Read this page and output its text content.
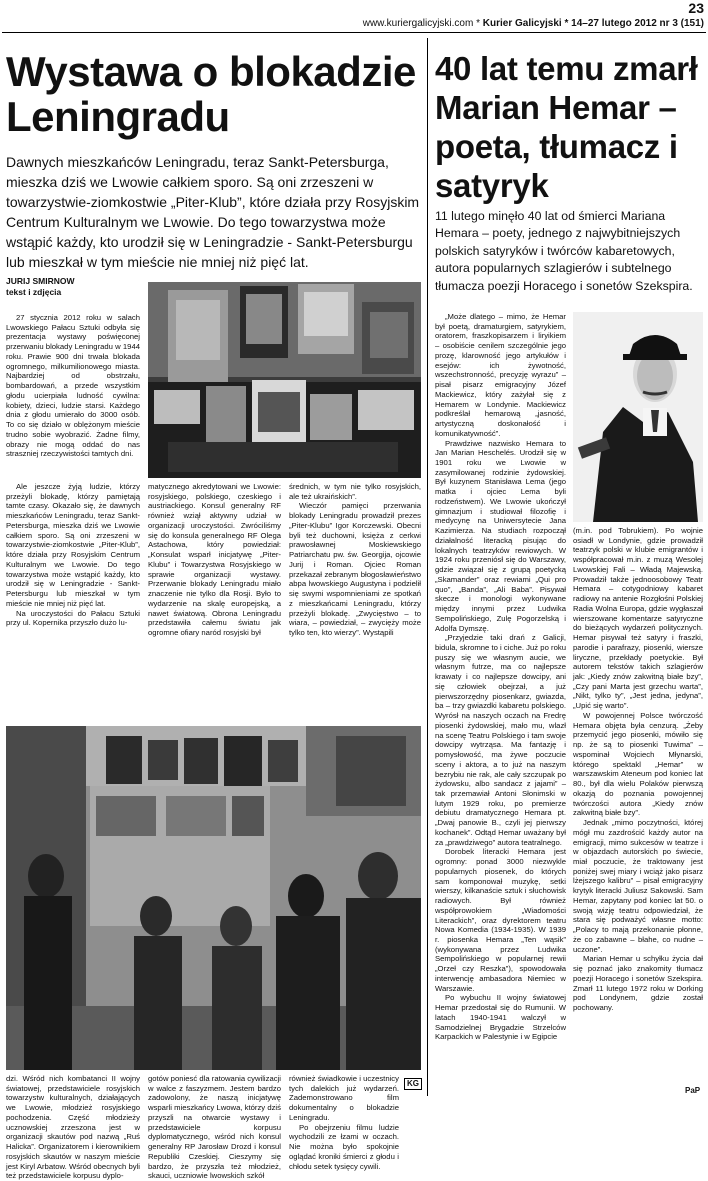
23
www.kuriergalicyjski.com * Kurier Galicyjski * 14–27 lutego 2012 nr 3 (151)
Wystawa o blokadzie Leningradu
Dawnych mieszkańców Leningradu, teraz Sankt-Petersburga, mieszka dziś we Lwowie całkiem sporo. Są oni zrzeszeni w towarzystwie-ziomkostwie „Piter-Klub”, które działa przy Rosyjskim Centrum Kulturalnym we Lwowie. Do tego towarzystwa może wstąpić każdy, kto urodził się w Leningradzie - Sankt-Petersburgu lub mieszkał w tym mieście nie mniej niż pięć lat.
JURIJ SMIRNOW
tekst i zdjęcia

27 stycznia 2012 roku w salach Lwowskiego Pałacu Sztuki odbyła się prezentacja wystawy poświęconej przerwaniu blokady Leningradu w 1944 roku. Prawie 900 dni trwała blokada ogromnego, milkumilionowego miasta. Najbardziej od obstrzału, bombardowań, a przede wszystkim głodu ucierpiała ludność cywilna: kobiety, dzieci, ludzie starsi. Każdego dnia z głodu umierało do 3000 osób. To co się działo w oblężonym mieście trudno sobie wyobrazić. Żadne filmy, obrazy nie mogą oddać do nas straszniej rzeczywistości tamtych dni.

Ale jeszcze żyją ludzie, którzy przeżyli blokadę, którzy pamiętają tamte czasy. Okazało się, że dawnych mieszkańców Leningradu, teraz Sankt-Petersburga, mieszka dziś we Lwowie całkiem sporo. Są oni zrzeszeni w towarzystwie-ziomkostwie „Piter-Klub”, które działa przy Rosyjskim Centrum Kulturalnym we Lwowie. Do tego towarzystwa może wstąpić każdy, kto urodził się w Leningradzie - Sankt-Petersburgu lub mieszkał w tym mieście nie mniej niż pięć lat.

Na uroczystości do Pałacu Sztuki przy ul. Kopernika przyszło dużo lu-

matycznego akredytowani we Lwowie: rosyjskiego, polskiego, czeskiego i austriackiego. Konsul generalny RF również wziął aktywny udział w organizacji uroczystości. Zwróciliśmy się do konsula generalnego RF Olega Astachowa, który powiedział: „Konsulat wsparł inicjatywę „Piter-Klubu” i Towarzystwa Rosyjskiego w sprawie organizacji wystawy. Przerwanie blokady Leningradu miało znaczenie nie tylko dla Rosji. Było to wydarzenie na skalę europejską, a nawet światową. Obrona Leningradu przedstawiła całemu światu jak ogromne ofiary naród rosyjski był

średnich, w tym nie tylko rosyjskich, ale też ukraińskich”.

Wieczór pamięci przerwania blokady Leningradu prowadził prezes „Piter-Klubu” Igor Korczewski. Obecni byli też duchowni, księża z cerkwi prawosławnej Moskiewskiego Patriarchatu pw. św. Georgija, ojcowie Jurij i Roman. Ojciec Roman przekazał zebranym błogosławieństwo abpa lwowskiego Augustyna i podzielił się swymi wspomnieniami ze spotkań z mieszkańcami Leningradu, którzy przeżyli blokadę. „Zwycięstwo – to wiara, – powiedział, – zwycięży może tylko ten, kto wierzy”. Wystąpili

dzi. Wśród nich kombatanci II wojny światowej, przedstawiciele rosyjskich towarzystw kulturalnych, działających we Lwowie, młodzież rosyjskiego pochodzenia. Część młodzieży ucznowskiej zrzeszona jest w organizacji skautów pod nazwą „Ruś Halicka”. Organizatorem i kierownikiem rosyjskich skautów w naszym mieście jest Kiryl Arbatow. Wśród obecnych byli też przedstawiciele korpusu dyplo-

gotów poniesć dla ratowania cywilizacji w walce z faszyzmem. Jestem bardzo zadowolony, że naszą inicjatywę wsparli mieszkańcy Lwowa, którzy dziś przyszli na otwarcie wystawy i przedstawiciele korpusu dyplomatycznego, wśród nich konsul generalny RP Jarosław Drozd i konsul Republiki Czeskiej. Cieszymy się bardzo, że przyszła też młodzież, skauci, uczniowie lwowskich szkół

również świadkowie i uczestnicy tych dalekich już wydarzeń. Zademonstrowano film dokumentalny o blokadzie Leningradu.

Po obejrzeniu filmu ludzie wychodzili ze łzami w oczach. Nie można było spokojnie oglądać kroniki śmierci z głodu i chłodu setek tysięcy cywili.

KG
40 lat temu zmarł Marian Hemar – poeta, tłumacz i satyryk
11 lutego minęło 40 lat od śmierci Mariana Hemara – poety, jednego z najwybitniejszych polskich satyryków i twórców kabaretowych, autora popularnych szlagierów i subtelnego tłumacza poezji Horacego i sonetów Szekspira.

„Może dlatego – mimo, że Hemar był poetą, dramaturgiem, satyrykiem, oratorem, fraszkopisarzem i liryikiem – osobiście cenilem szczególnie jego prozę, klarowność jego artykułów i esejów: ich żywotność, wszechstronność, precyzję wyrazu” – pisał pisarz emigracyjny Józef Mackiewicz, który zażyłał się z Hemarem w Londynie. Mackiewicz podkreślał hemarową „jasność, artystyczną doskonałość i komunikatywność”.

Prawdziwe nazwisko Hemara to Jan Marian Heschelés. Urodził się w 1901 roku we Lwowie w zasymilowanej rodzinie żydowskiej. Był kuzynem Stanisława Lema (jego matka i ojciec Lema byli rodzeństwem). We Lwowie ukończył gimnazjum i studiował filozofię i medycynę na Uniwersytecie Jana Kazimierza. Na studiach rozpoczął działalność literacką pisując do lokalnych teatrzyków rewiowych. W 1924 roku przeniósł się do Warszawy, gdzie związał się z grupą poetycką „Skamander” oraz rewiami „Qui pro quo”, „Banda”, „Ali Baba”. Pisywał skecze i monologi wykonywane między innymi przez Ludwika Sempolińskiego, Zulę Pogorzelską i Adolfa Dymszę.

„Przyjedzie taki drań z Galicji, bidula, skromne to i ciche. Już po roku puszy się we własnym aucie, we własnym futrze, ma co najlepsze krawaty i co najlepsze dowcipy, ani się człowiek obejrzał, a już pierwszorzędny piosenkarz, gwiazda, ba – trzy gwiazdki kabaretu polskiego. Wyrósł na naszych oczach na Fredrę piosenki żydowskiej, mało mu, wlazł na scenę Teatru Polskiego i tam swoje dowcipy wytrząsa. Ma fantazję i pomysłowość, ma żywe poczucie sceny i aktora, a to już na naszym bezrybiu nie rak, ale cały szczupak po żydowsku, albo sandacz z jajami” – tak przemawiał Antoni Słonimski w lutym 1929 roku, po premierze debiutu dramatycznego Hemara pt. „Dwaj panowie B., czyli jej pierwszy kochanek”. Odtąd Hemar uważany był za „prawdziwego” autora teatralnego.

Dorobek literacki Hemara jest ogromny: ponad 3000 niezwykle popularnych piosenek, do których sam komponował muzykę, setki wierszy, kilkanaście sztuk i słuchowisk radiowych. Był również współprowokiem „Wiadomości Literackich”, oraz dyrektorem teatru Nowa Komedia (1934-1935). W 1939 r. piosenka Hemara „Ten wąsik” (wykonywana przez Ludwika Sempolińskiego w popularnej rewii „Orzeł czy Reszka”), spowodowała interwencję ambasadora Niemiec w Warszawie.

Po wybuchu II wojny światowej Hemar przedostał się do Rumunii. W latach 1940-1941 walczył w Samodzielnej Brygadzie Strzelców Karpackich w Palestynie i w Egipcie

(m.in. pod Tobrukiem). Po wojnie osiadł w Londynie, gdzie prowadził teatrzyk polski w klubie emigrantów i współpracował m.in. z muzą Wesołej Lwowskiej Fali – Władą Majewską. Prowadził także jednoosobowy Teatr Hemara – cotygodniowy kabaret radiowy na antenie Rozgłośni Polskiej Radia Wolna Europa, gdzie wygłaszał wierszowane komentarze satyryczne do bieżących wydarzeń politycznych. Hemar pisywał też satyry i fraszki, parodie i parafrazy, piosenki, wiersze liryczne, przekłady poetyckie. Był autorem tekstów takich szlagierów jak: „Kiedy znów zakwitną białe bzy”, „Czy pani Marta jest grzechu warta”, „Nikt, tylko ty”, „Jest jedna, jedyna”, „Upić się warto”.

W powojennej Polsce twórczość Hemara objęta była cenzurą. „Żeby przemycić jego piosenki, mówiło się np. że są to piosenki Tuwima” – wspominał Wojciech Młynarski, którego spektakl „Hemar” w warszawskim Ateneum pod koniec lat 80., był dla wielu Polaków pierwszą okazją do poznania powojennej twórczości autora „Kiedy znów zakwitną białe bzy”.

Jednak „mimo poczytności, której mógł mu zazdrościć każdy autor na emigracji, mimo sukcesów w teatrze i w objazdach autorskich po świecie, miał poczucie, że traktowany jest poniżej swej miary i wciąż jako pisarz lżejszego kalibru” – pisał emigracyjny krytyk literacki Juliusz Sakowski. Sam Hemar, zapytany pod koniec lat 50. o swoją wizję teatru odpowiedział, że stara się podważyć własne motto: „Polacy to mają przekonanie płonne, że co zabawne – błahe, co nudne – uczone”.

Marian Hemar u schyłku życia dał się poznać jako znakomity tłumacz poezji Horacego i sonetów Szekspira. Zmarł 11 lutego 1972 roku w Dorking pod Londynem, gdzie został pochowany.

PaP
